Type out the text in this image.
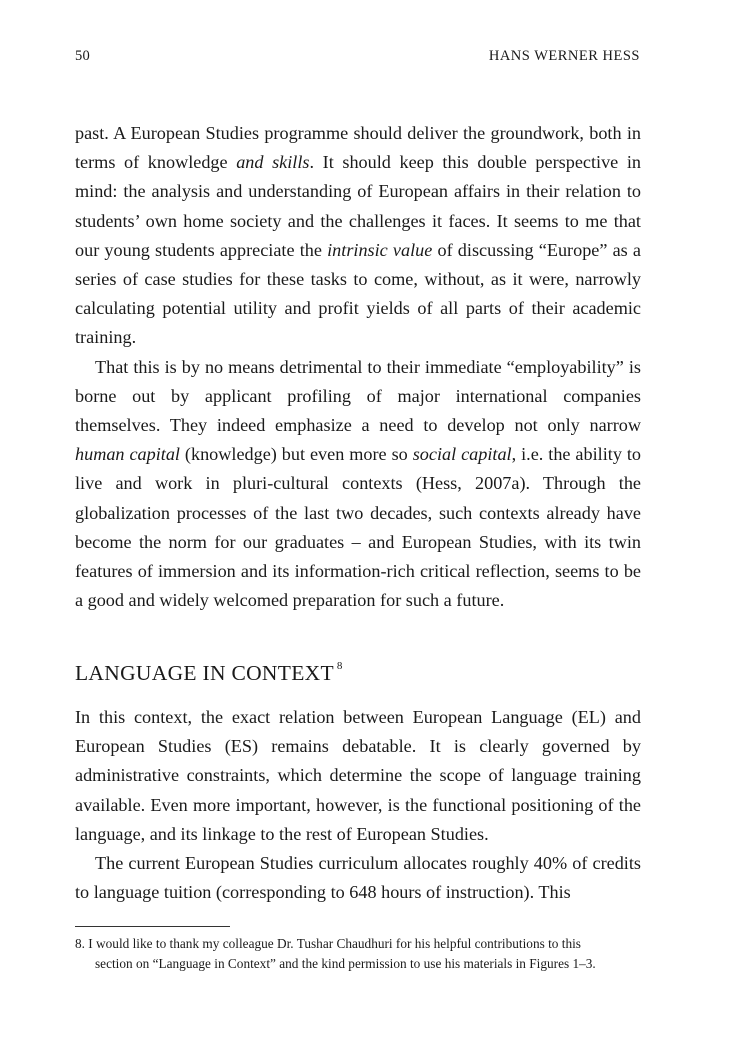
50	HANS WERNER HESS

past. A European Studies programme should deliver the groundwork, both in terms of knowledge and skills. It should keep this double perspective in mind: the analysis and understanding of European affairs in their relation to students’ own home society and the challenges it faces. It seems to me that our young students appreciate the intrinsic value of discussing “Europe” as a series of case studies for these tasks to come, without, as it were, narrowly calculating potential utility and profit yields of all parts of their academic training.

That this is by no means detrimental to their immediate “employability” is borne out by applicant profiling of major international companies themselves. They indeed emphasize a need to develop not only narrow human capital (knowledge) but even more so social capital, i.e. the ability to live and work in pluri-cultural contexts (Hess, 2007a). Through the globalization processes of the last two decades, such contexts already have become the norm for our graduates – and European Studies, with its twin features of immersion and its information-rich critical reflection, seems to be a good and widely welcomed preparation for such a future.

LANGUAGE IN CONTEXT $^8$

In this context, the exact relation between European Language (EL) and European Studies (ES) remains debatable. It is clearly governed by administrative constraints, which determine the scope of language training available. Even more important, however, is the functional positioning of the language, and its linkage to the rest of European Studies.

The current European Studies curriculum allocates roughly 40% of credits to language tuition (corresponding to 648 hours of instruction). This

8. I would like to thank my colleague Dr. Tushar Chaudhuri for his helpful contributions to this
section on “Language in Context” and the kind permission to use his materials in Figures 1–3.
